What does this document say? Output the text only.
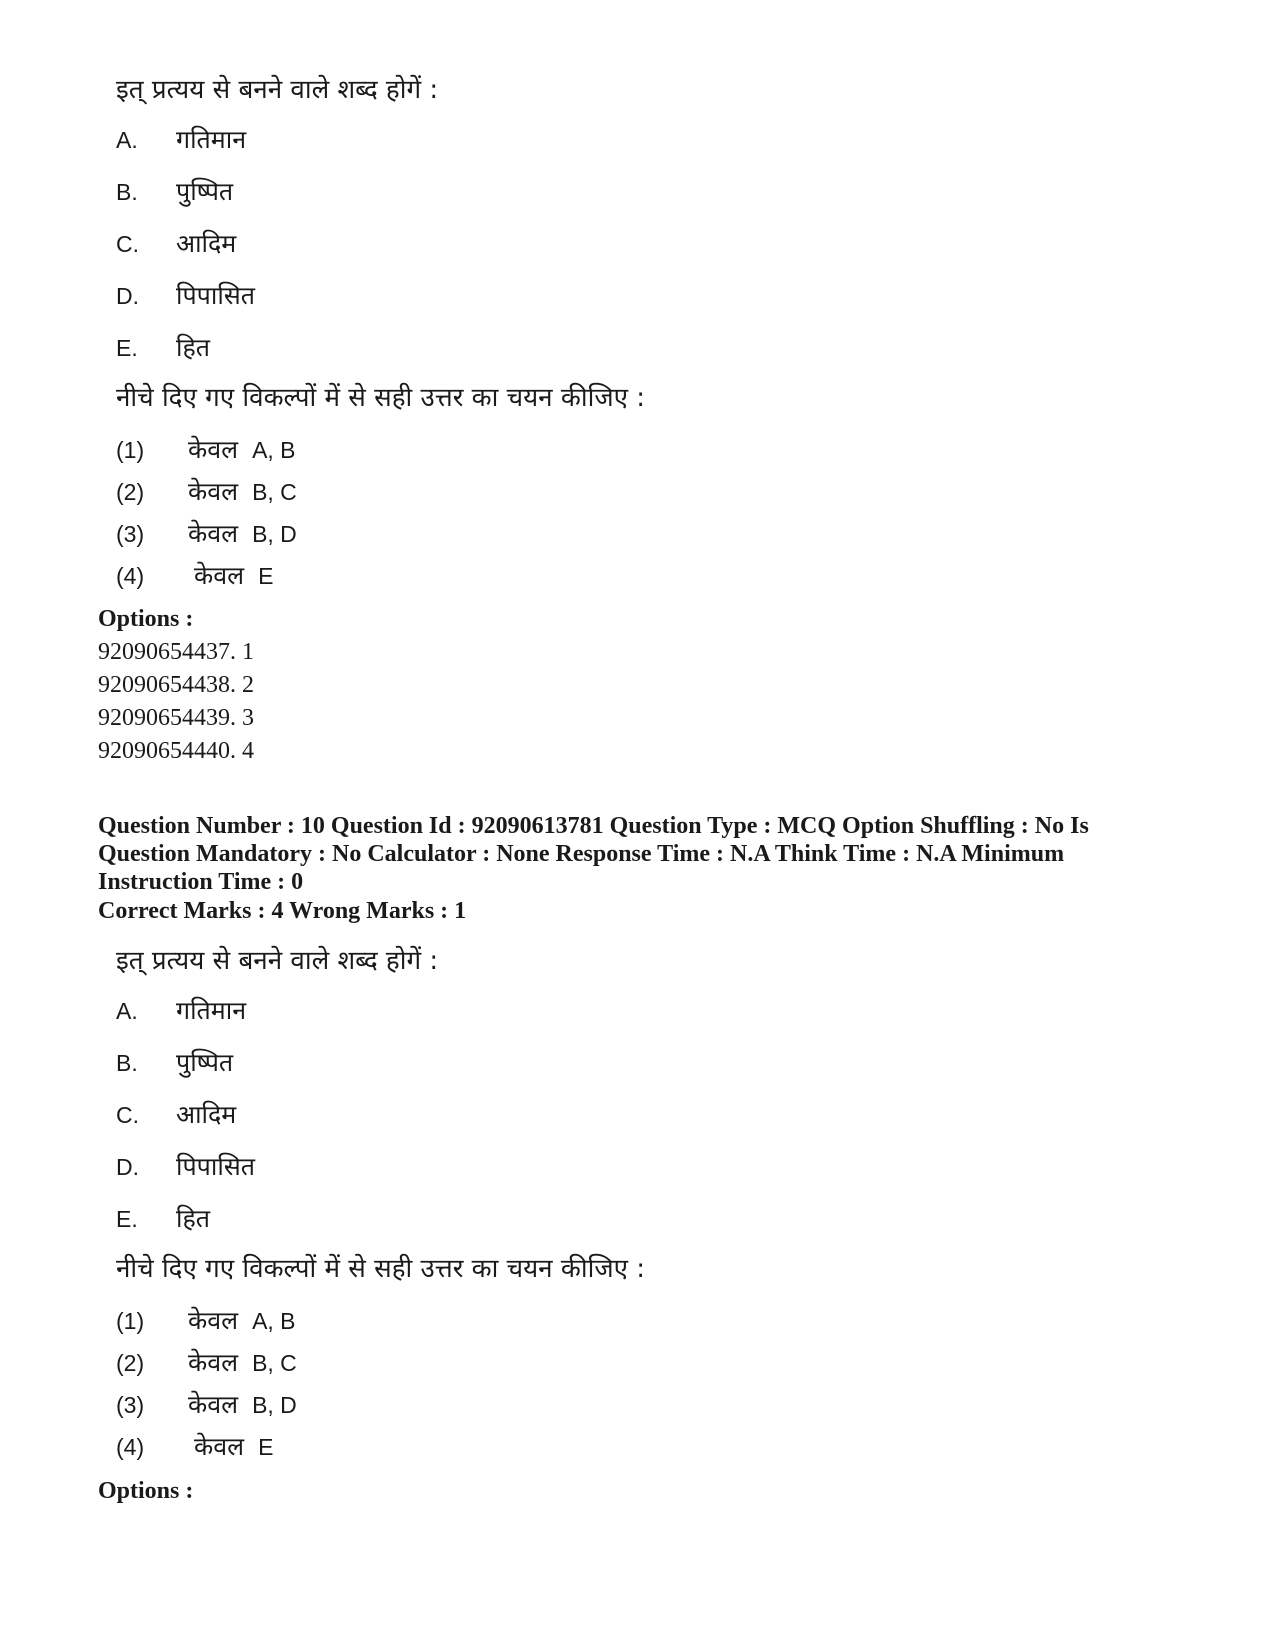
इत् प्रत्यय से बनने वाले शब्द होगें :
A. गतिमान
B. पुष्पित
C. आदिम
D. पिपासित
E. हित
नीचे दिए गए विकल्पों में से सही उत्तर का चयन कीजिए :
(1) केवल A, B
(2) केवल B, C
(3) केवल B, D
(4) केवल E
Options :
92090654437. 1
92090654438. 2
92090654439. 3
92090654440. 4
Question Number : 10 Question Id : 92090613781 Question Type : MCQ Option Shuffling : No Is
Question Mandatory : No Calculator : None Response Time : N.A Think Time : N.A Minimum
Instruction Time : 0
Correct Marks : 4 Wrong Marks : 1
इत् प्रत्यय से बनने वाले शब्द होगें :
A. गतिमान
B. पुष्पित
C. आदिम
D. पिपासित
E. हित
नीचे दिए गए विकल्पों में से सही उत्तर का चयन कीजिए :
(1) केवल A, B
(2) केवल B, C
(3) केवल B, D
(4) केवल E
Options :
